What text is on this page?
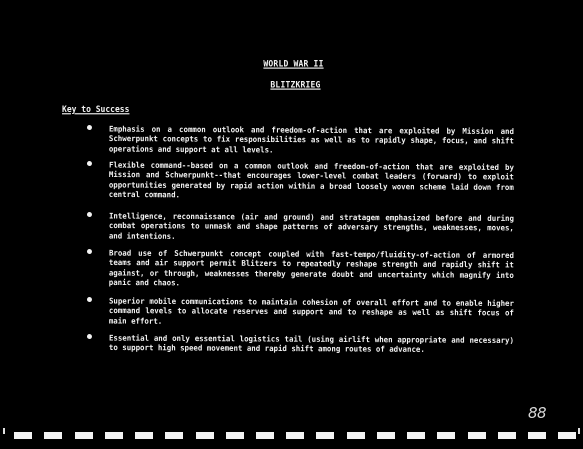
WORLD WAR II
BLITZKRIEG
Key to Success
Emphasis on a common outlook and freedom-of-action that are exploited by Mission and Schwerpunkt concepts to fix responsibilities as well as to rapidly shape, focus, and shift operations and support at all levels.
Flexible command--based on a common outlook and freedom-of-action that are exploited by Mission and Schwerpunkt--that encourages lower-level combat leaders (forward) to exploit opportunities generated by rapid action within a broad loosely woven scheme laid down from central command.
Intelligence, reconnaissance (air and ground) and stratagem emphasized before and during combat operations to unmask and shape patterns of adversary strengths, weaknesses, moves, and intentions.
Broad use of Schwerpunkt concept coupled with fast-tempo/fluidity-of-action of armored teams and air support permit Blitzers to repeatedly reshape strength and rapidly shift it against, or through, weaknesses thereby generate doubt and uncertainty which magnify into panic and chaos.
Superior mobile communications to maintain cohesion of overall effort and to enable higher command levels to allocate reserves and support and to reshape as well as shift focus of main effort.
Essential and only essential logistics tail (using airlift when appropriate and necessary) to support high speed movement and rapid shift among routes of advance.
88
